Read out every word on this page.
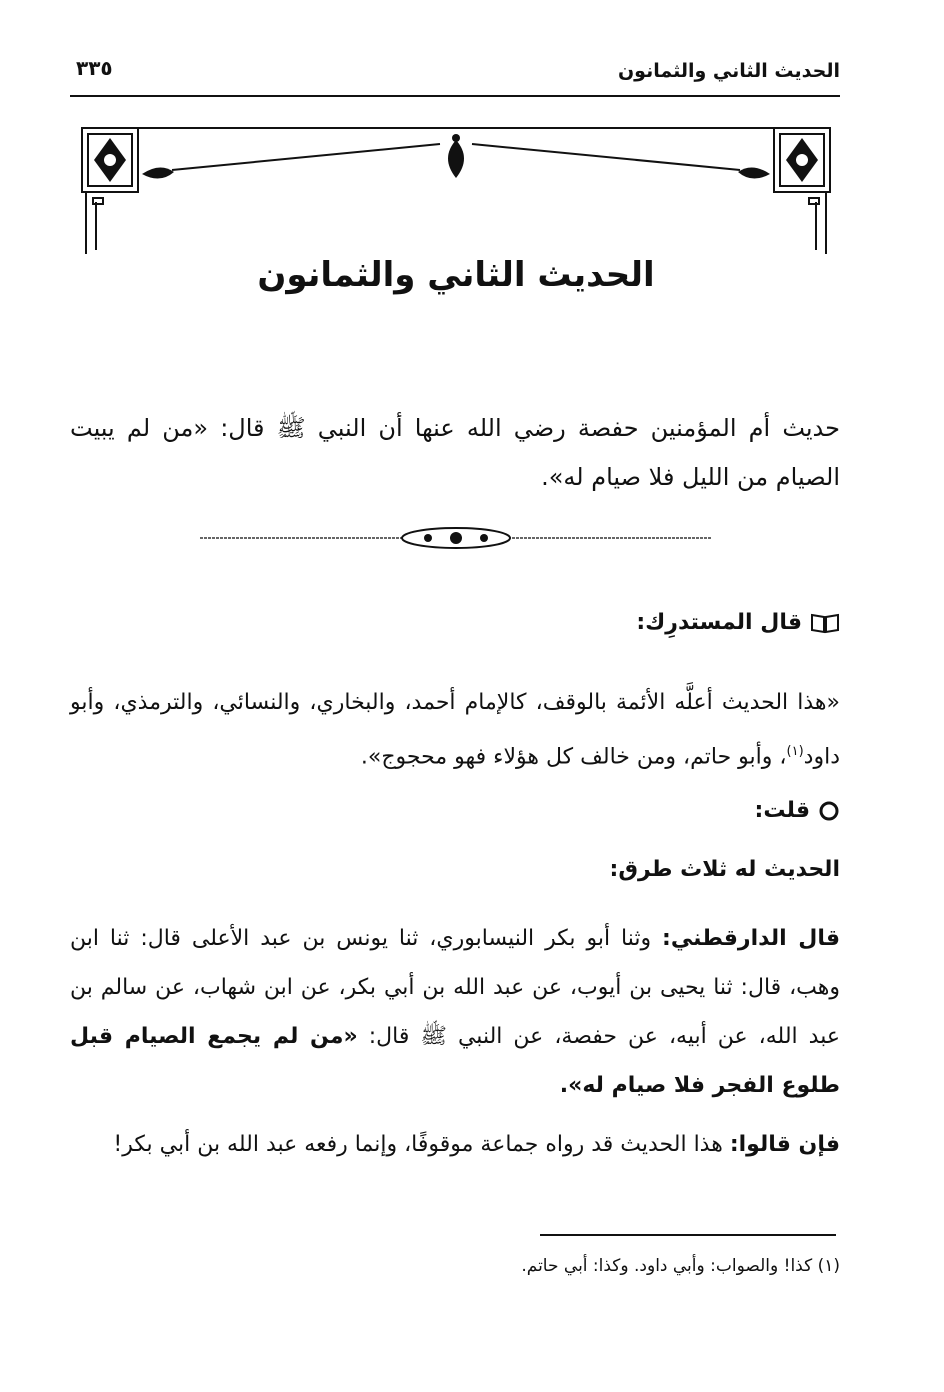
الحديث الثاني والثمانون
٣٣٥
الحديث الثاني والثمانون

حديث أم المؤمنين حفصة رضي الله عنها أن النبي ﷺ قال: «من لم يبيت الصيام من الليل فلا صيام له».

قال المستدرِك:

«هذا الحديث أعلَّه الأئمة بالوقف، كالإمام أحمد، والبخاري، والنسائي، والترمذي، وأبو داود$^{(١)}$، وأبو حاتم، ومن خالف كل هؤلاء فهو محجوج».

قلت:
الحديث له ثلاث طرق:

قال الدارقطني: وثنا أبو بكر النيسابوري، ثنا يونس بن عبد الأعلى قال: ثنا ابن وهب، قال: ثنا يحيى بن أيوب، عن عبد الله بن أبي بكر، عن ابن شهاب، عن سالم بن عبد الله، عن أبيه، عن حفصة، عن النبي ﷺ قال: «من لم يجمع الصيام قبل طلوع الفجر فلا صيام له».

فإن قالوا: هذا الحديث قد رواه جماعة موقوفًا، وإنما رفعه عبد الله بن أبي بكر!

(١) كذا! والصواب: وأبي داود. وكذا: أبي حاتم.
